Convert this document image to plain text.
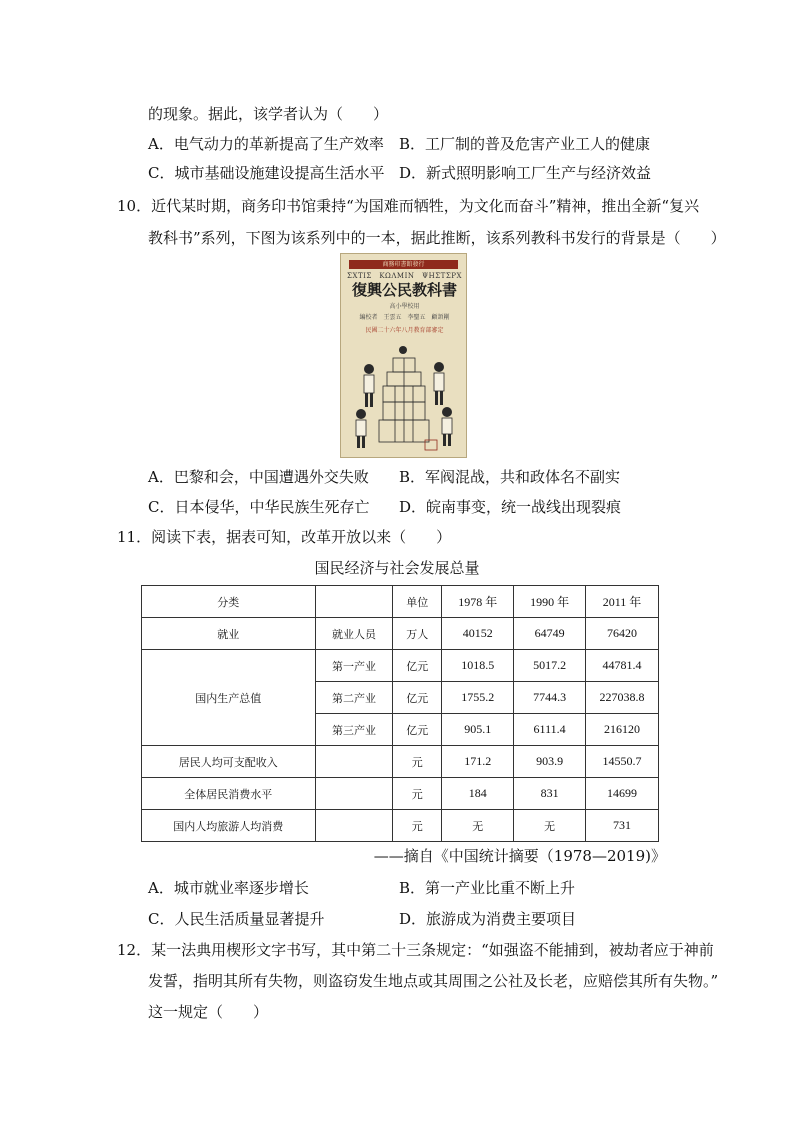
的现象。据此，该学者认为（　　）
A．电气动力的革新提高了生产效率 B．工厂制的普及危害产业工人的健康
C．城市基础设施建设提高生活水平 D．新式照明影响工厂生产与经济效益
10．近代某时期，商务印书馆秉持“为国难而牺牲，为文化而奋斗”精神，推出全新“复兴
教科书”系列，下图为该系列中的一本，据此推断，该系列教科书发行的背景是（　　）
商務印書館發行
ΣΧΤΙΣ　ΚΩΛΜΙΝ　ΨΗΣΤΣΡΧ
復興公民教科書
高小學校用
編校者　王雲五　李聖五　顧頡剛
民國二十六年八月教育部審定
A．巴黎和会，中国遭遇外交失败 B．军阀混战，共和政体名不副实
C．日本侵华，中华民族生死存亡 D．皖南事变，统一战线出现裂痕
11．阅读下表，据表可知，改革开放以来（　　）
国民经济与社会发展总量
分类		单位	1978 年	1990 年	2011 年
就业	就业人员	万人	40152	64749	76420
国内生产总值	第一产业	亿元	1018.5	5017.2	44781.4
	第二产业	亿元	1755.2	7744.3	227038.8
	第三产业	亿元	905.1	6111.4	216120
居民人均可支配收入		元	171.2	903.9	14550.7
全体居民消费水平		元	184	831	14699
国内人均旅游人均消费		元	无	无	731
——摘自《中国统计摘要（1978—2019)》
A．城市就业率逐步增长	B．第一产业比重不断上升
C．人民生活质量显著提升	D．旅游成为消费主要项目
12．某一法典用楔形文字书写，其中第二十三条规定：“如强盗不能捕到，被劫者应于神前
发誓，指明其所有失物，则盗窃发生地点或其周围之公社及长老，应赔偿其所有失物。”
这一规定（　　）
